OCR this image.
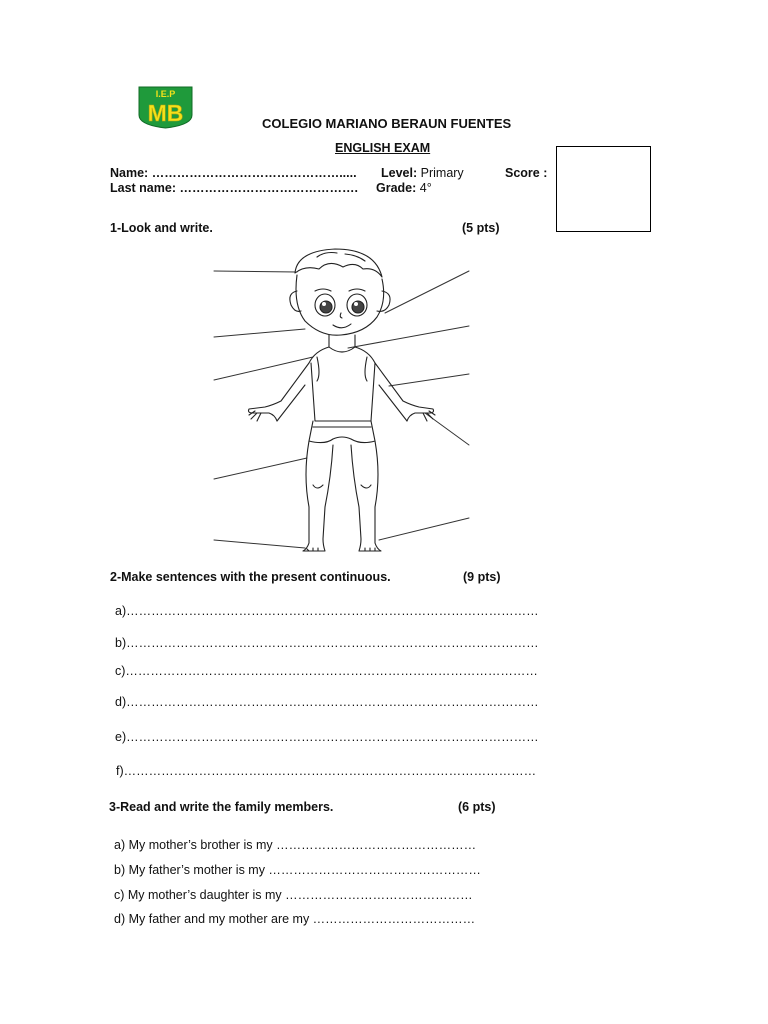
I.E.P
MB	COLEGIO MARIANO BERAUN FUENTES
ENGLISH EXAM
Name: ………………………………………..... Level: Primary	Score :
Last name: ……………………………………. Grade: 4°
1-Look and write.	(5 pts)
2-Make sentences with the present continuous.	(9 pts)
a)………………………………………………………………………………………
b)………………………………………………………………………………………
c)………………………………………………………………………………………
d)………………………………………………………………………………………
e)………………………………………………………………………………………
f)………………………………………………………………………………………
3-Read and write the family members.	(6 pts)
a) My mother’s brother is my …………………………………………
b) My father’s mother is my ……………………………………………
c) My mother’s daughter is my ………………………………………
d) My father and my mother are my …………………………………
